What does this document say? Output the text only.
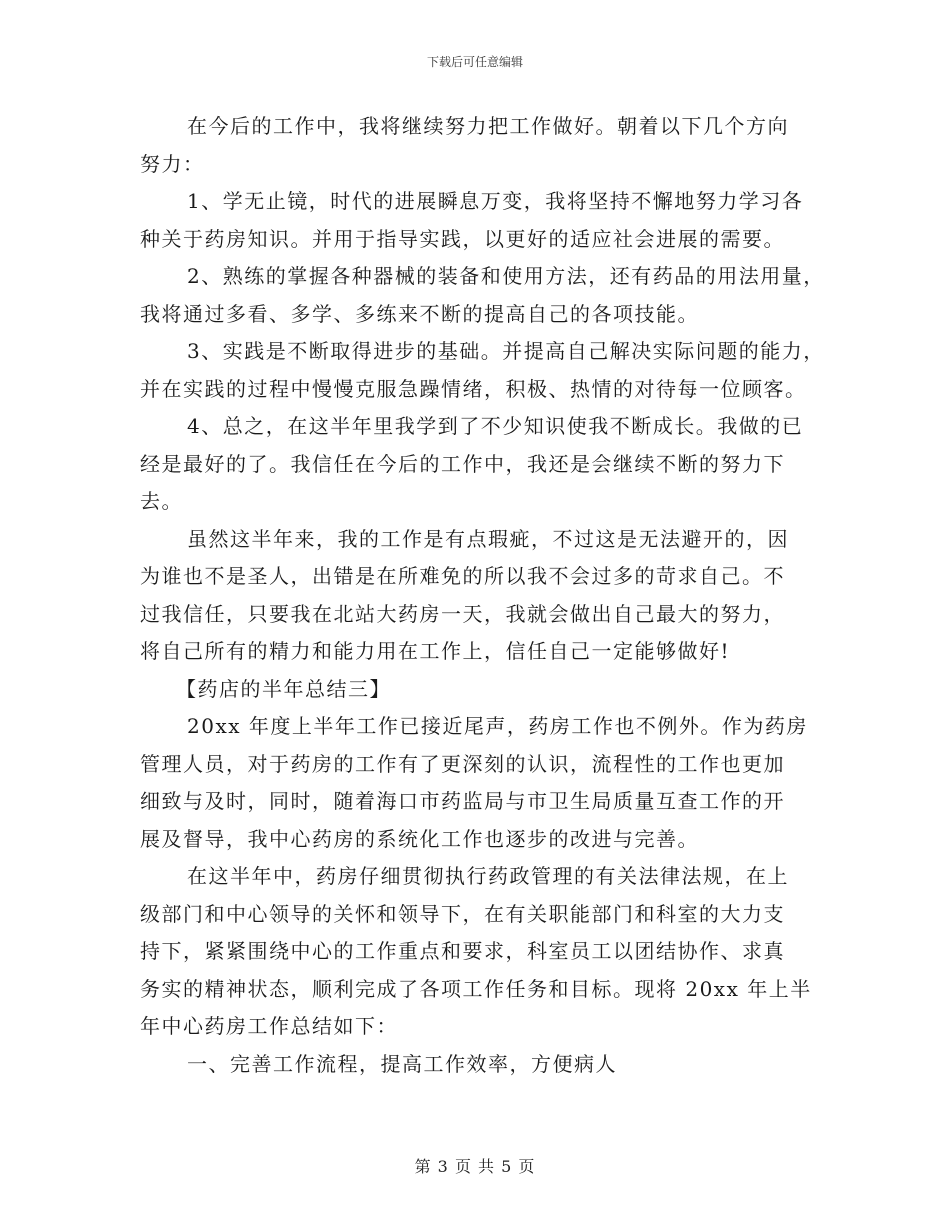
下载后可任意编辑
在今后的工作中，我将继续努力把工作做好。朝着以下几个方向
努力：
1、学无止镜，时代的进展瞬息万变，我将坚持不懈地努力学习各
种关于药房知识。并用于指导实践，以更好的适应社会进展的需要。
2、熟练的掌握各种器械的装备和使用方法，还有药品的用法用量，
我将通过多看、多学、多练来不断的提高自己的各项技能。
3、实践是不断取得进步的基础。并提高自己解决实际问题的能力，
并在实践的过程中慢慢克服急躁情绪，积极、热情的对待每一位顾客。
4、总之，在这半年里我学到了不少知识使我不断成长。我做的已
经是最好的了。我信任在今后的工作中，我还是会继续不断的努力下
去。
虽然这半年来，我的工作是有点瑕疵，不过这是无法避开的，因
为谁也不是圣人，出错是在所难免的所以我不会过多的苛求自己。不
过我信任，只要我在北站大药房一天，我就会做出自己最大的努力，
将自己所有的精力和能力用在工作上，信任自己一定能够做好!
【药店的半年总结三】
20xx 年度上半年工作已接近尾声，药房工作也不例外。作为药房
管理人员，对于药房的工作有了更深刻的认识，流程性的工作也更加
细致与及时，同时，随着海口市药监局与市卫生局质量互查工作的开
展及督导，我中心药房的系统化工作也逐步的改进与完善。
在这半年中，药房仔细贯彻执行药政管理的有关法律法规，在上
级部门和中心领导的关怀和领导下，在有关职能部门和科室的大力支
持下，紧紧围绕中心的工作重点和要求，科室员工以团结协作、求真
务实的精神状态，顺利完成了各项工作任务和目标。现将 20xx 年上半
年中心药房工作总结如下：
一、完善工作流程，提高工作效率，方便病人
第 3 页 共 5 页
